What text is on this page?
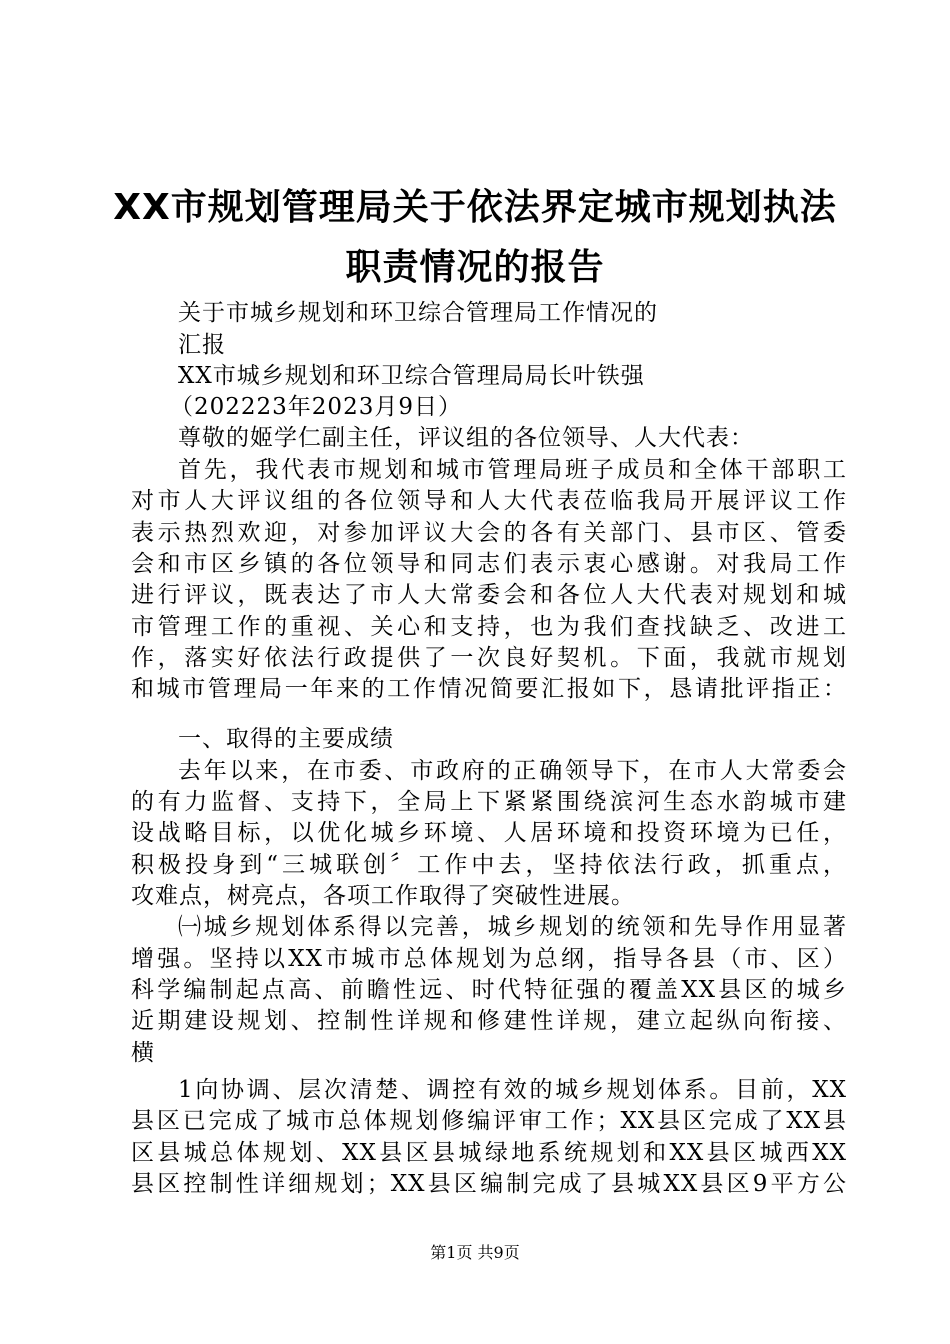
XX市规划管理局关于依法界定城市规划执法
职责情况的报告
关于市城乡规划和环卫综合管理局工作情况的
汇报
XX市城乡规划和环卫综合管理局局长叶铁强
（202223年2023月9日）
尊敬的姬学仁副主任，评议组的各位领导、人大代表：
首先，我代表市规划和城市管理局班子成员和全体干部职工
对市人大评议组的各位领导和人大代表莅临我局开展评议工作
表示热烈欢迎，对参加评议大会的各有关部门、县市区、管委
会和市区乡镇的各位领导和同志们表示衷心感谢。对我局工作
进行评议，既表达了市人大常委会和各位人大代表对规划和城
市管理工作的重视、关心和支持，也为我们查找缺乏、改进工
作，落实好依法行政提供了一次良好契机。下面，我就市规划
和城市管理局一年来的工作情况简要汇报如下，恳请批评指正：
一、取得的主要成绩
去年以来，在市委、市政府的正确领导下，在市人大常委会
的有力监督、支持下，全局上下紧紧围绕滨河生态水韵城市建
设战略目标，以优化城乡环境、人居环境和投资环境为已任，
积极投身到“三城联创〞工作中去，坚持依法行政，抓重点，
攻难点，树亮点，各项工作取得了突破性进展。
㈠城乡规划体系得以完善，城乡规划的统领和先导作用显著
增强。坚持以XX市城市总体规划为总纲，指导各县（市、区）
科学编制起点高、前瞻性远、时代特征强的覆盖XX县区的城乡
近期建设规划、控制性详规和修建性详规，建立起纵向衔接、
横
1向协调、层次清楚、调控有效的城乡规划体系。目前，XX
县区已完成了城市总体规划修编评审工作；XX县区完成了XX县
区县城总体规划、XX县区县城绿地系统规划和XX县区城西XX
县区控制性详细规划；XX县区编制完成了县城XX县区9平方公
第1页 共9页
